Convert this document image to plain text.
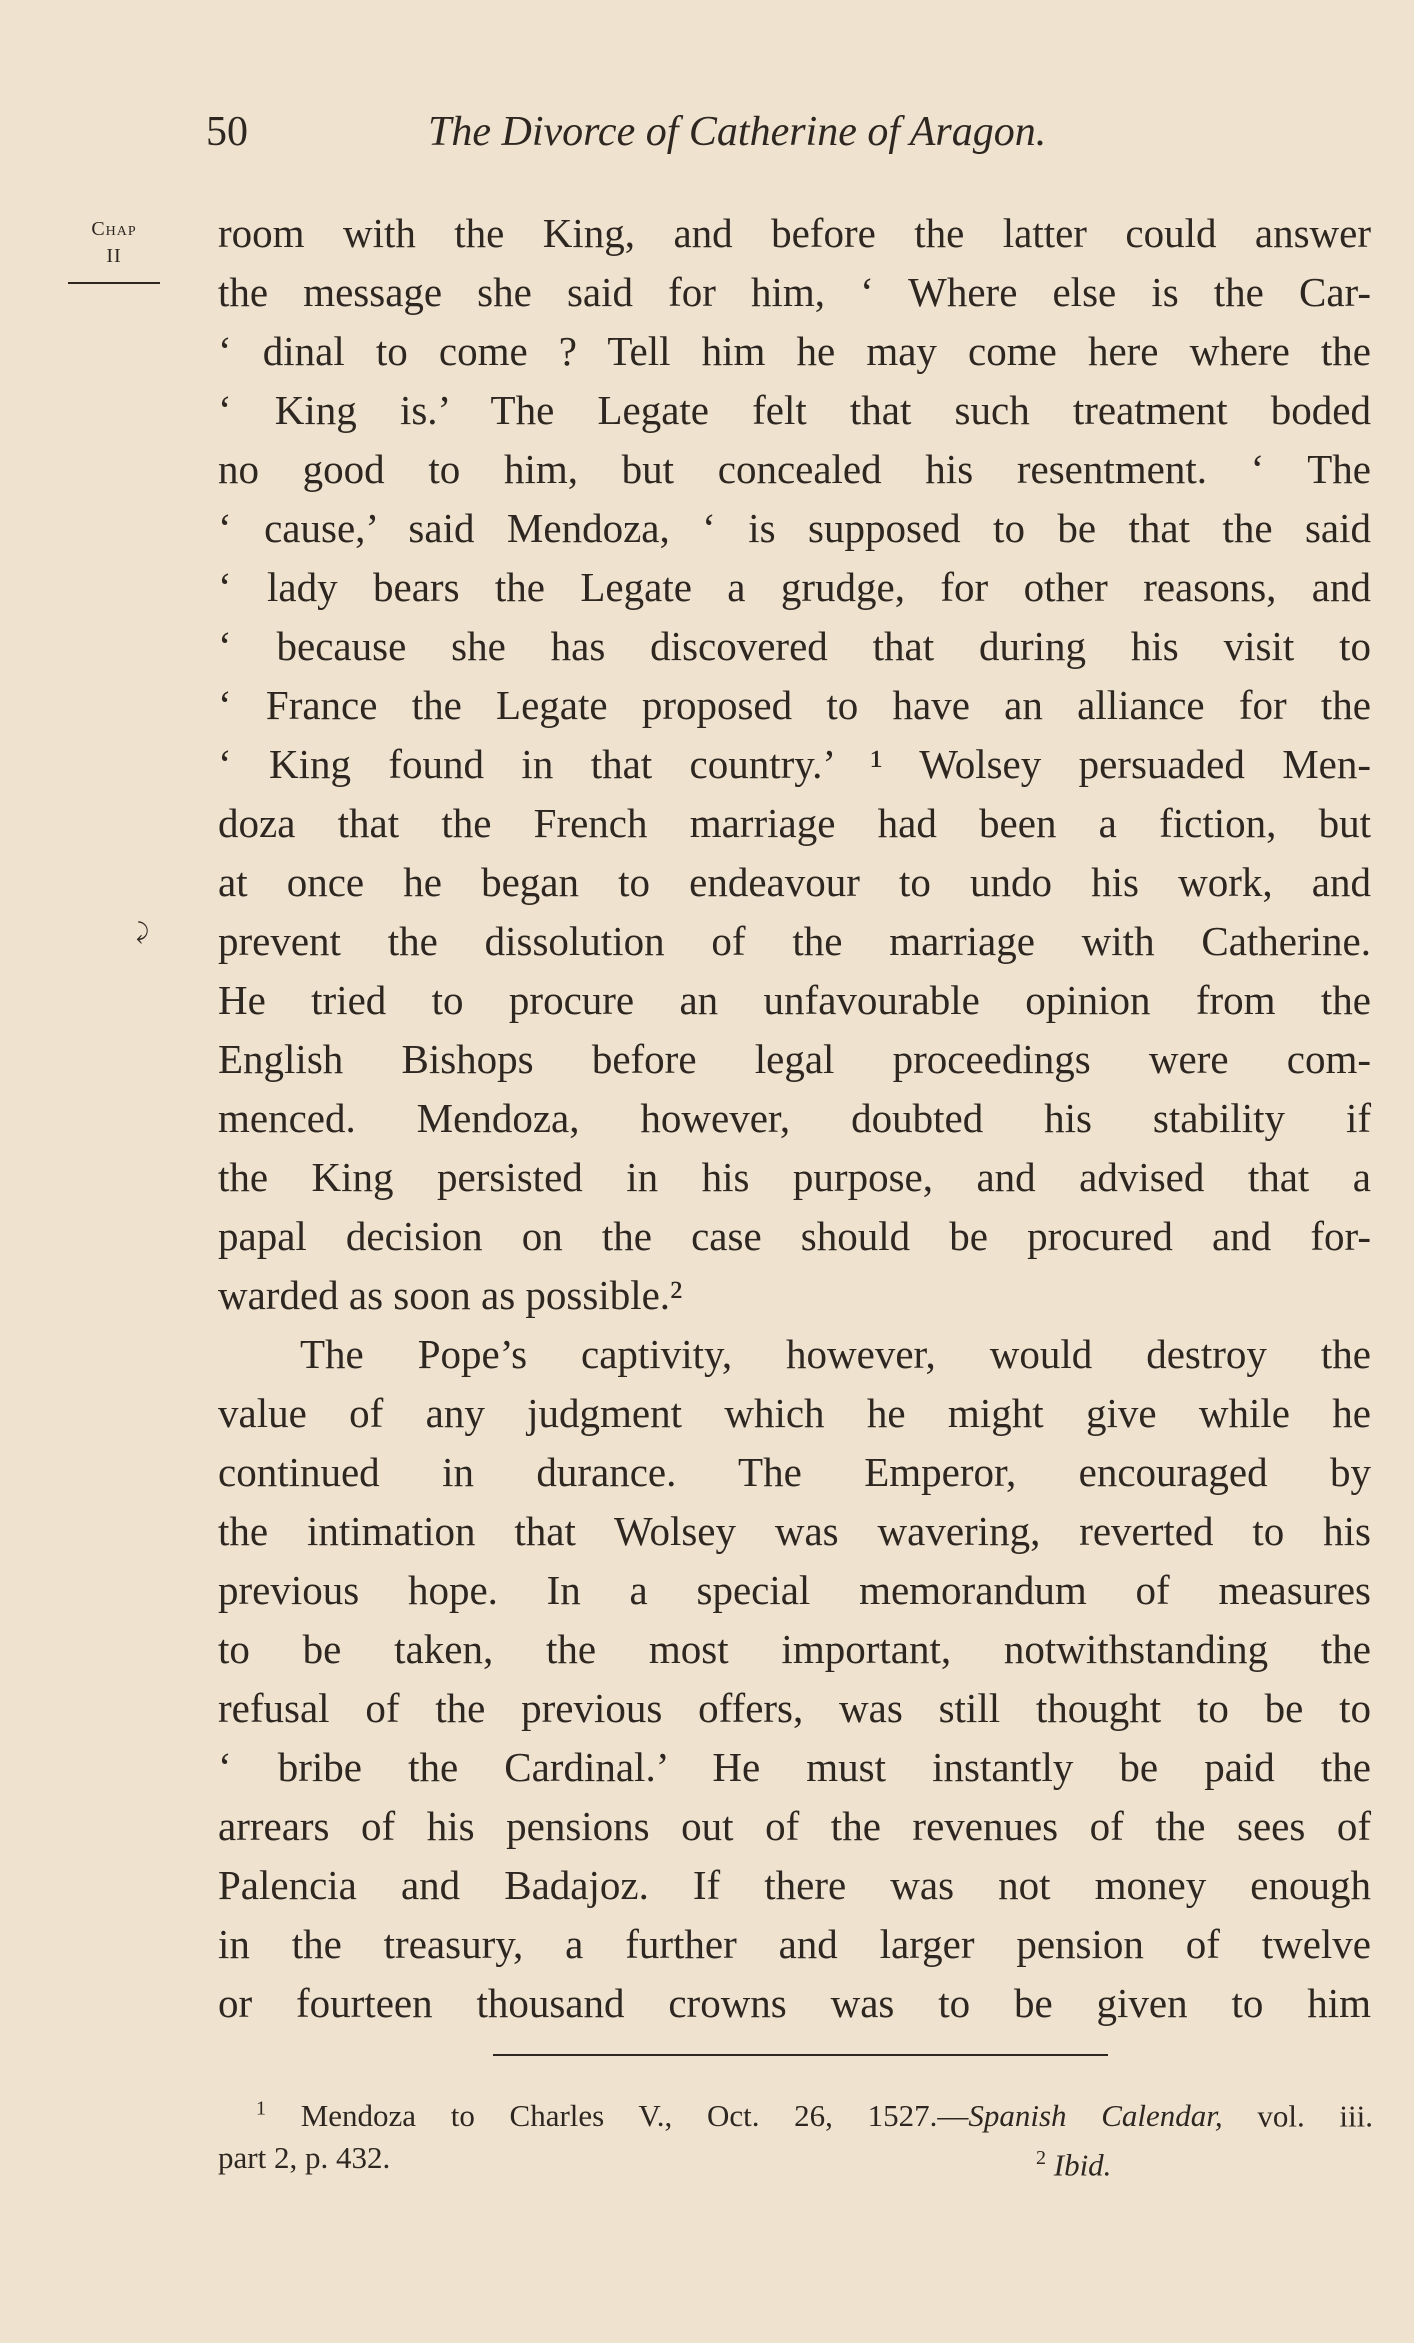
50	The Divorce of Catherine of Aragon.
Chap
II
⤸
room with the King, and before the latter could answer
the message she said for him, ‘ Where else is the Car-
‘ dinal to come ? Tell him he may come here where the
‘ King is.’ The Legate felt that such treatment boded
no good to him, but concealed his resentment. ‘ The
‘ cause,’ said Mendoza, ‘ is supposed to be that the said
‘ lady bears the Legate a grudge, for other reasons, and
‘ because she has discovered that during his visit to
‘ France the Legate proposed to have an alliance for the
‘ King found in that country.’ ¹ Wolsey persuaded Men-
doza that the French marriage had been a fiction, but
at once he began to endeavour to undo his work, and
prevent the dissolution of the marriage with Catherine.
He tried to procure an unfavourable opinion from the
English Bishops before legal proceedings were com-
menced. Mendoza, however, doubted his stability if
the King persisted in his purpose, and advised that a
papal decision on the case should be procured and for-
warded as soon as possible.²
The Pope’s captivity, however, would destroy the
value of any judgment which he might give while he
continued in durance. The Emperor, encouraged by
the intimation that Wolsey was wavering, reverted to his
previous hope. In a special memorandum of measures
to be taken, the most important, notwithstanding the
refusal of the previous offers, was still thought to be to
‘ bribe the Cardinal.’ He must instantly be paid the
arrears of his pensions out of the revenues of the sees of
Palencia and Badajoz. If there was not money enough
in the treasury, a further and larger pension of twelve
or fourteen thousand crowns was to be given to him
$^1$ Mendoza to Charles V., Oct. 26, 1527.—Spanish Calendar, vol. iii.
part 2, p. 432.	$^2$ Ibid.
